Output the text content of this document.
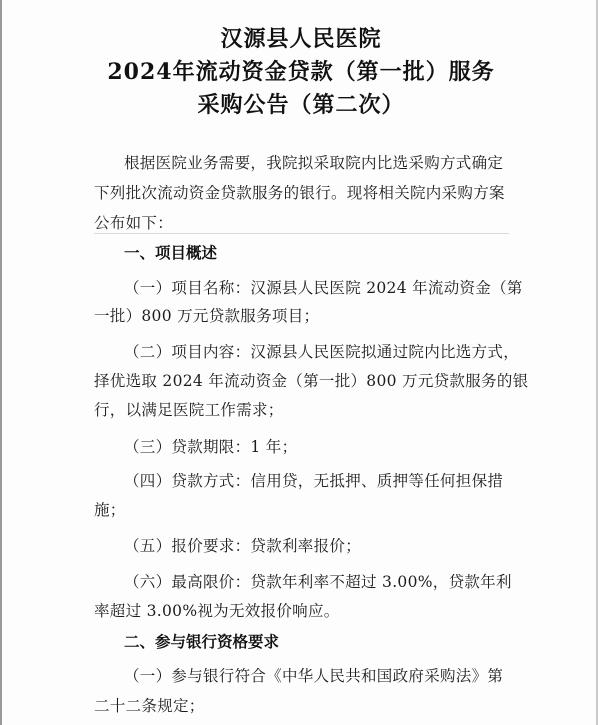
汉源县人民医院
2024年流动资金贷款（第一批）服务
采购公告（第二次）
根据医院业务需要，我院拟采取院内比选采购方式确定
下列批次流动资金贷款服务的银行。现将相关院内采购方案
公布如下：
一、项目概述
（一）项目名称：汉源县人民医院 2024 年流动资金（第
一批）800 万元贷款服务项目；
（二）项目内容：汉源县人民医院拟通过院内比选方式，
择优选取 2024 年流动资金（第一批）800 万元贷款服务的银
行，以满足医院工作需求；
（三）贷款期限：1 年；
（四）贷款方式：信用贷，无抵押、质押等任何担保措
施；
（五）报价要求：贷款利率报价；
（六）最高限价：贷款年利率不超过 3.00%，贷款年利
率超过 3.00%视为无效报价响应。
二、参与银行资格要求
（一）参与银行符合《中华人民共和国政府采购法》第
二十二条规定；
